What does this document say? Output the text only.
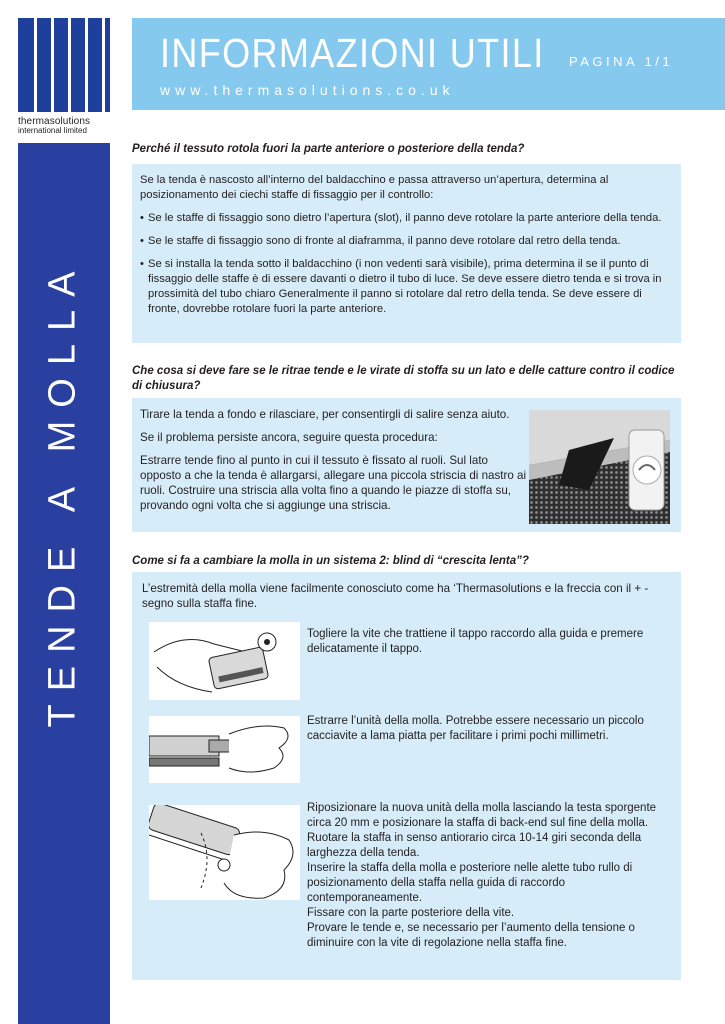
thermasolutions
international limited
TENDE A MOLLA
INFORMAZIONI UTILI PAGINA 1/1
www.thermasolutions.co.uk
Perché il tessuto rotola fuori la parte anteriore o posteriore della tenda?
Se la tenda è nascosto all’interno del baldacchino e passa attraverso un’apertura, determina al posizionamento dei ciechi staffe di fissaggio per il controllo:
• Se le staffe di fissaggio sono dietro l’apertura (slot), il panno deve rotolare la parte anteriore della tenda.
• Se le staffe di fissaggio sono di fronte al diaframma, il panno deve rotolare dal retro della tenda.
• Se si installa la tenda sotto il baldacchino (i non vedenti sarà visibile), prima determina il se il punto di fissaggio delle staffe è di essere davanti o dietro il tubo di luce. Se deve essere dietro tenda e si trova in prossimità del tubo chiaro Generalmente il panno si rotolare dal retro della tenda. Se deve essere di fronte, dovrebbe rotolare fuori la parte anteriore.
Che cosa si deve fare se le ritrae tende e le virate di stoffa su un lato e delle catture contro il codice di chiusura?
Tirare la tenda a fondo e rilasciare, per consentirgli di salire senza aiuto.
Se il problema persiste ancora, seguire questa procedura:
Estrarre tende fino al punto in cui il tessuto è fissato al ruoli. Sul lato opposto a che la tenda è allargarsi, allegare una piccola striscia di nastro ai ruoli. Costruire una striscia alla volta fino a quando le piazze di stoffa su, provando ogni volta che si aggiunge una striscia.
Come si fa a cambiare la molla in un sistema 2: blind di “crescita lenta”?
L’estremità della molla viene facilmente conosciuto come ha ‘Thermasolutions e la freccia con il + - segno sulla staffa fine.
Togliere la vite che trattiene il tappo raccordo alla guida e premere delicatamente il tappo.
Estrarre l’unità della molla. Potrebbe essere necessario un piccolo cacciavite a lama piatta per facilitare i primi pochi millimetri.
Riposizionare la nuova unità della molla lasciando la testa sporgente circa 20 mm e posizionare la staffa di back-end sul fine della molla.
Ruotare la staffa in senso antiorario circa 10-14 giri seconda della larghezza della tenda.
Inserire la staffa della molla e posteriore nelle alette tubo rullo di posizionamento della staffa nella guida di raccordo contemporaneamente.
Fissare con la parte posteriore della vite.
Provare le tende e, se necessario per l’aumento della tensione o diminuire con la vite di regolazione nella staffa fine.
